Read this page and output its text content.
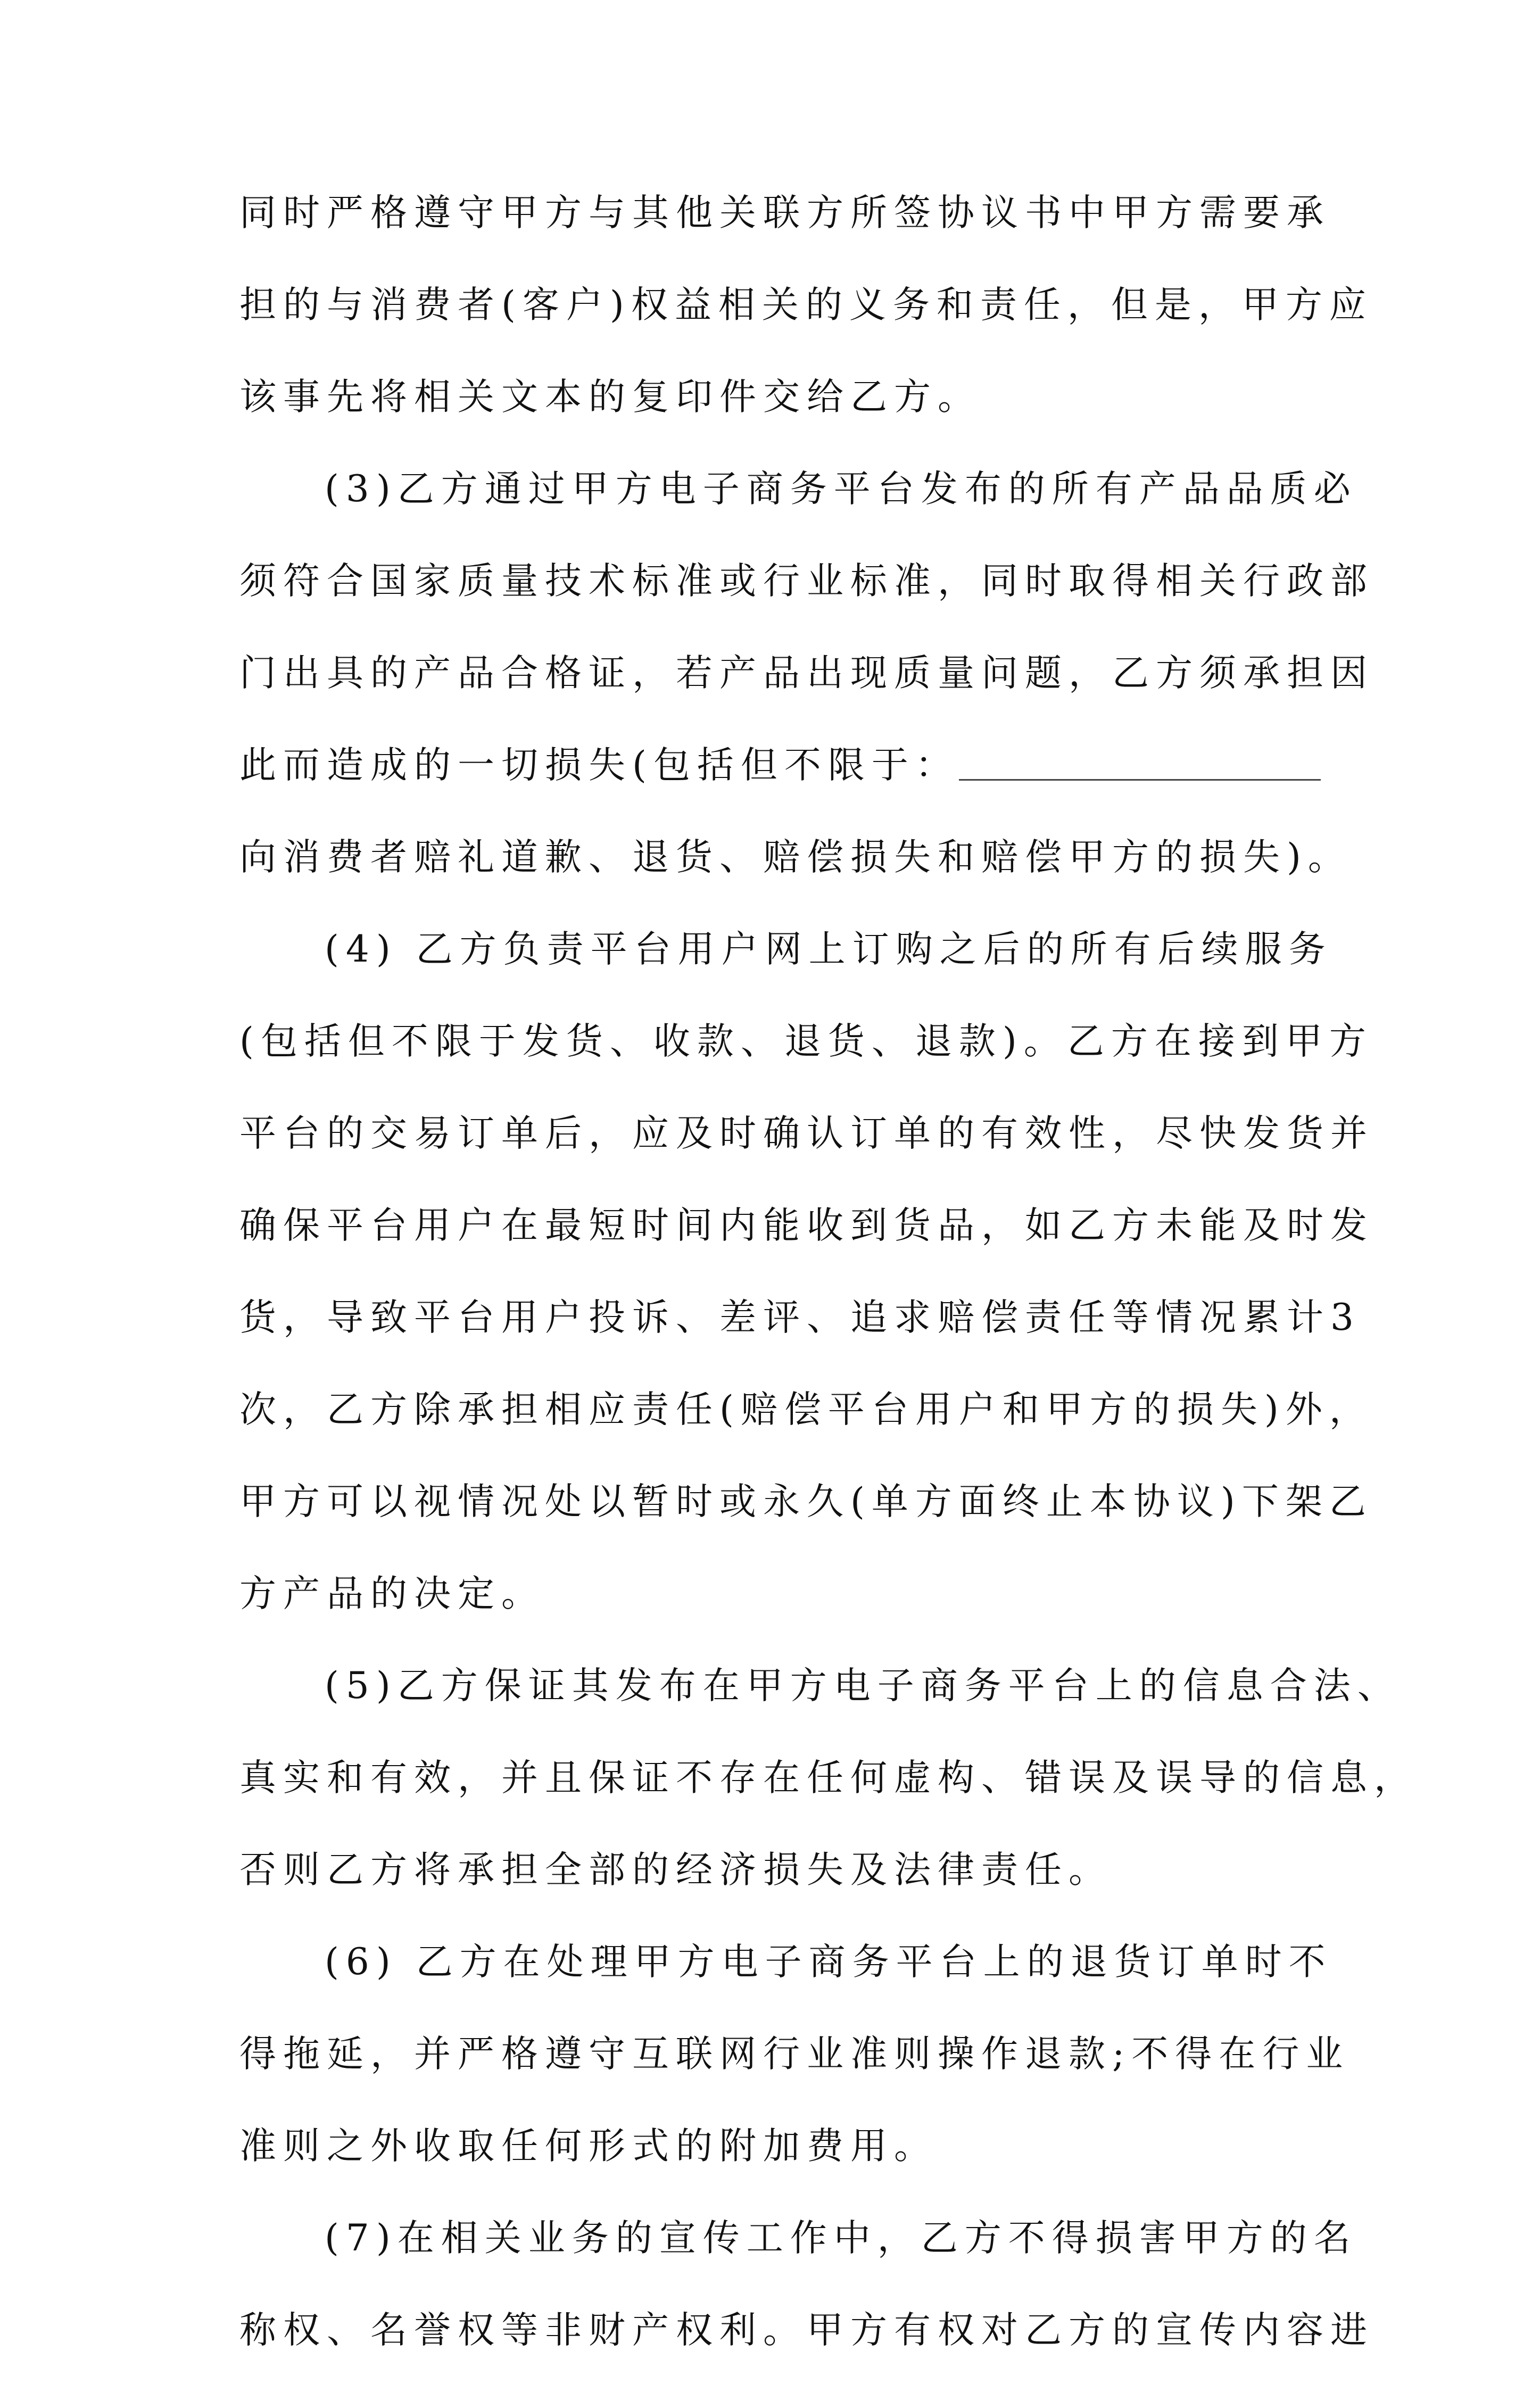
同时严格遵守甲方与其他关联方所签协议书中甲方需要承
担的与消费者(客户)权益相关的义务和责任，但是，甲方应
该事先将相关文本的复印件交给乙方。
(3)乙方通过甲方电子商务平台发布的所有产品品质必
须符合国家质量技术标准或行业标准，同时取得相关行政部
门出具的产品合格证，若产品出现质量问题，乙方须承担因
此而造成的一切损失(包括但不限于：
向消费者赔礼道歉、退货、赔偿损失和赔偿甲方的损失)。
(4) 乙方负责平台用户网上订购之后的所有后续服务
(包括但不限于发货、收款、退货、退款)。乙方在接到甲方
平台的交易订单后，应及时确认订单的有效性，尽快发货并
确保平台用户在最短时间内能收到货品，如乙方未能及时发
货，导致平台用户投诉、差评、追求赔偿责任等情况累计3
次，乙方除承担相应责任(赔偿平台用户和甲方的损失)外，
甲方可以视情况处以暂时或永久(单方面终止本协议)下架乙
方产品的决定。
(5)乙方保证其发布在甲方电子商务平台上的信息合法、
真实和有效，并且保证不存在任何虚构、错误及误导的信息，
否则乙方将承担全部的经济损失及法律责任。
(6) 乙方在处理甲方电子商务平台上的退货订单时不
得拖延，并严格遵守互联网行业准则操作退款;不得在行业
准则之外收取任何形式的附加费用。
(7)在相关业务的宣传工作中，乙方不得损害甲方的名
称权、名誉权等非财产权利。甲方有权对乙方的宣传内容进
